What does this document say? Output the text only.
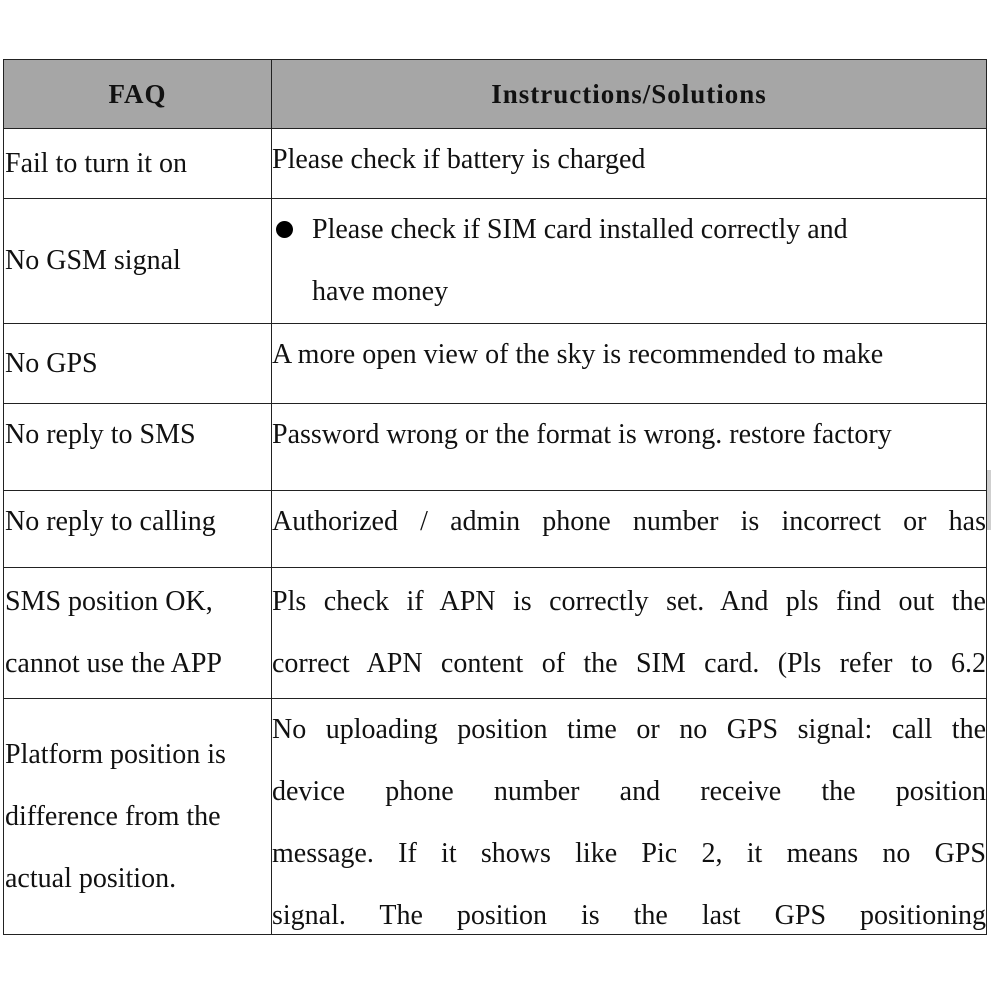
FAQ	Instructions/Solutions

Fail to turn it on	Please check if battery is charged

No GSM signal	Please check if SIM card installed correctly and
have money

No GPS	A more open view of the sky is recommended to make

No reply to SMS	Password wrong or the format is wrong. restore factory

No reply to calling	Authorized / admin phone number is incorrect or has

SMS position OK,
cannot use the APP	Pls check if APN is correctly set. And pls find out the
correct APN content of the SIM card. (Pls refer to 6.2

Platform position is
difference from the
actual position.	No uploading position time or no GPS signal: call the
device phone number and receive the position
message. If it shows like Pic 2, it means no GPS
signal. The position is the last GPS positioning
